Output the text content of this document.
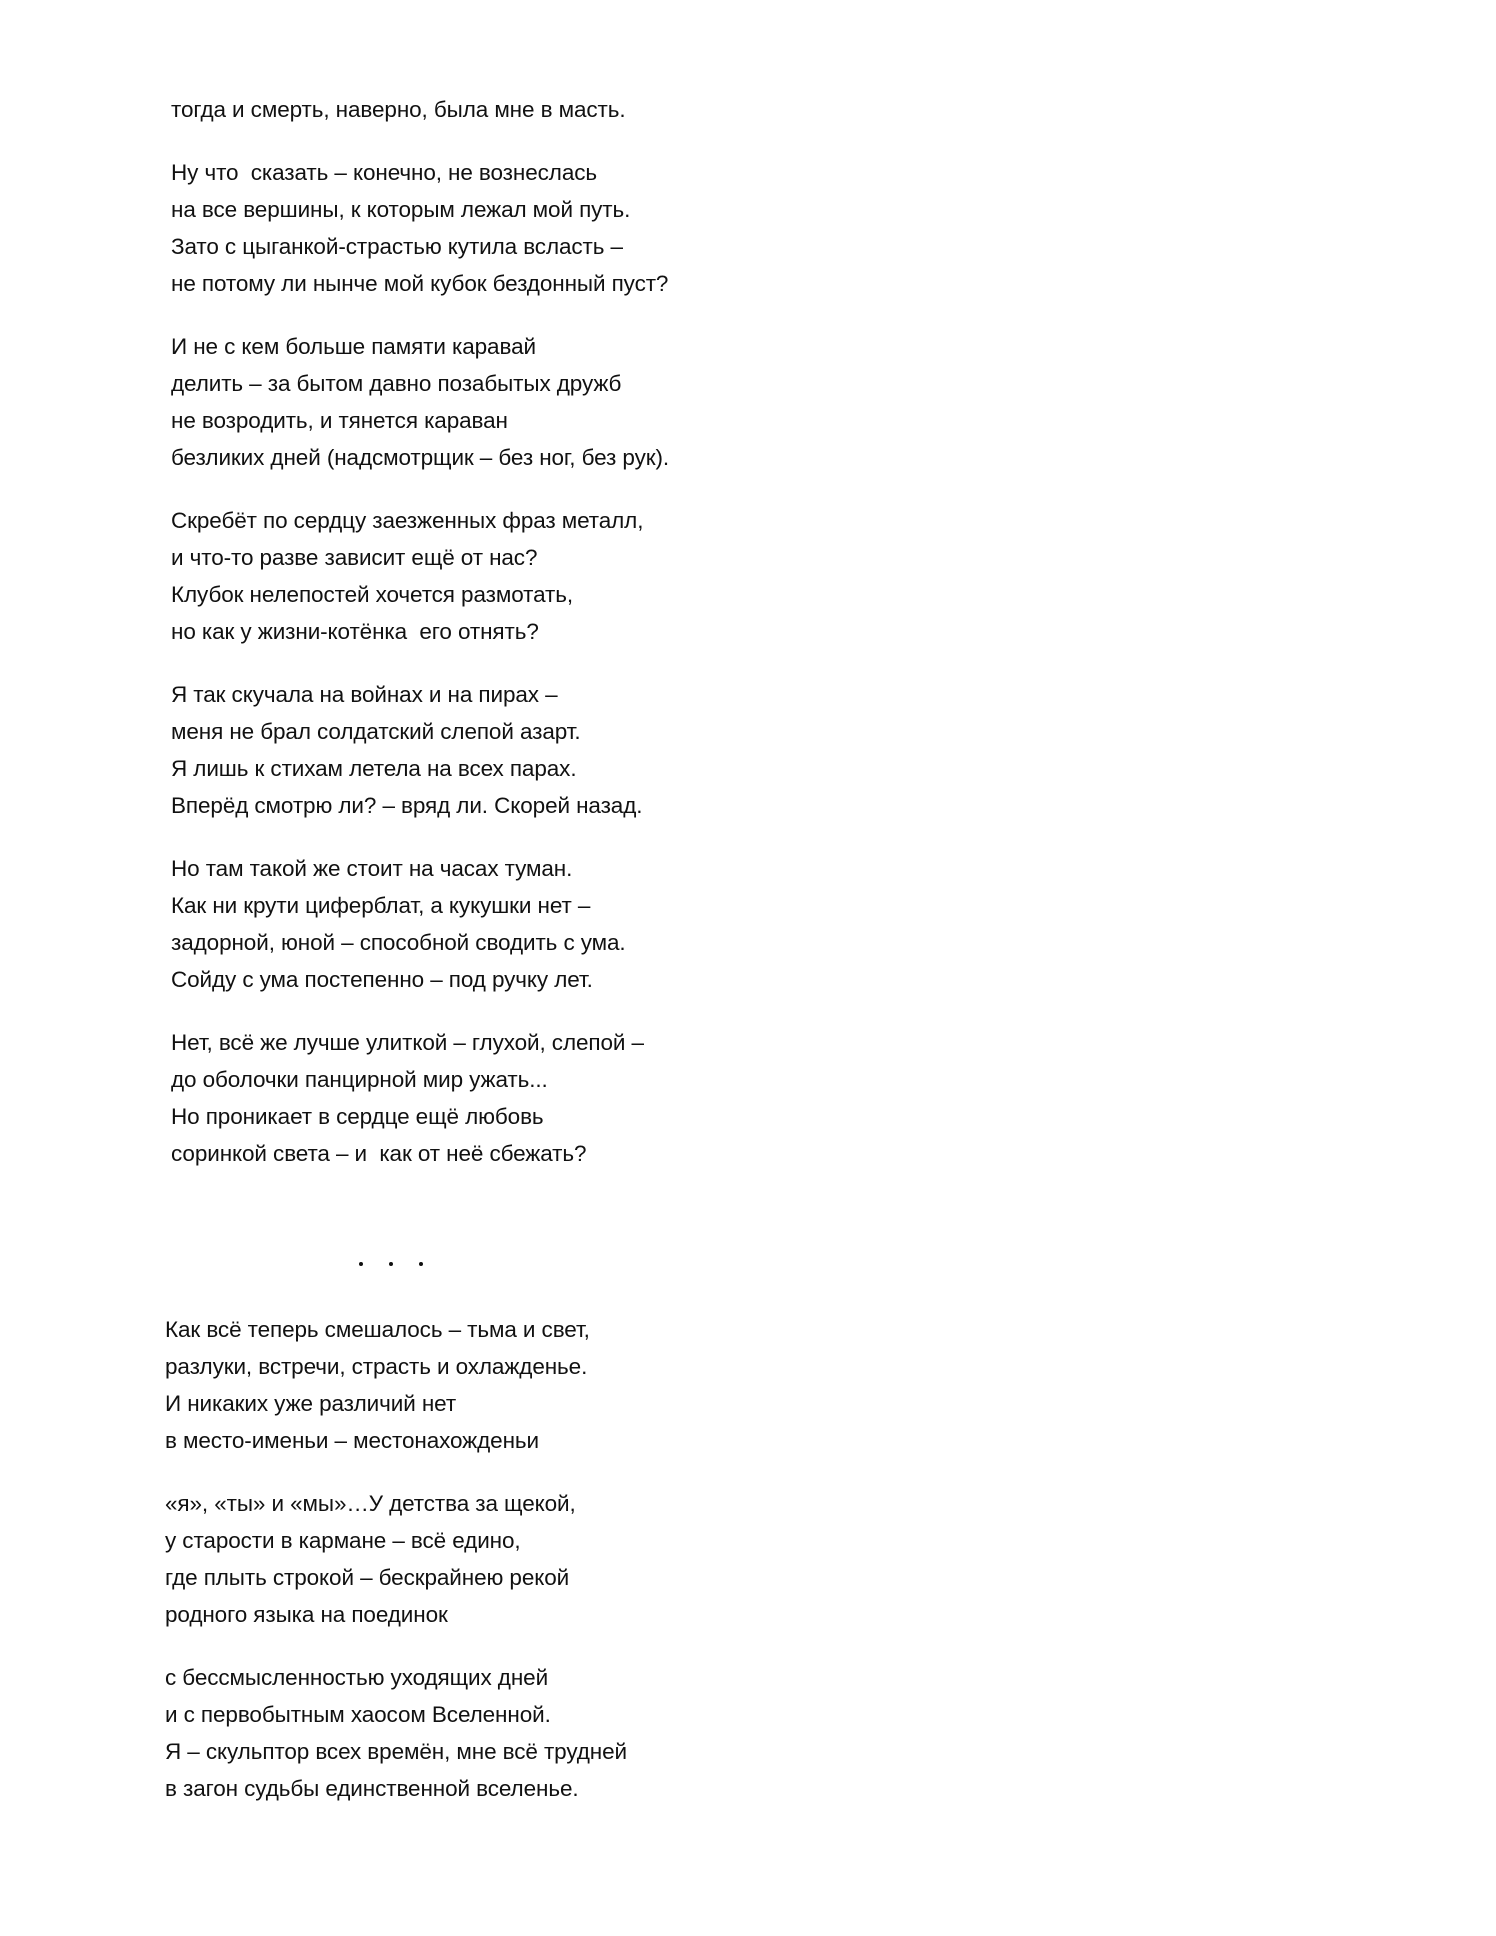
тогда и смерть, наверно, была мне в масть.
Ну что  сказать – конечно, не вознеслась
на все вершины, к которым лежал мой путь.
Зато с цыганкой-страстью кутила всласть –
не потому ли нынче мой кубок бездонный пуст?
И не с кем больше памяти каравай
делить – за бытом давно позабытых дружб
не возродить, и тянется караван
безликих дней (надсмотрщик – без ног, без рук).
Скребёт по сердцу заезженных фраз металл,
и что-то разве зависит ещё от нас?
Клубок нелепостей хочется размотать,
но как у жизни-котёнка  его отнять?
Я так скучала на войнах и на пирах –
меня не брал солдатский слепой азарт.
Я лишь к стихам летела на всех парах.
Вперёд смотрю ли? – вряд ли. Скорей назад.
Но там такой же стоит на часах туман.
Как ни крути циферблат, а кукушки нет –
задорной, юной – способной сводить с ума.
Сойду с ума постепенно – под ручку лет.
Нет, всё же лучше улиткой – глухой, слепой –
до оболочки панцирной мир ужать...
Но проникает в сердце ещё любовь
соринкой света – и  как от неё сбежать?
Как всё теперь смешалось – тьма и свет,
разлуки, встречи, страсть и охлажденье.
И никаких уже различий нет
в место-именьи – местонахожденьи
«я», «ты» и «мы»…У детства за щекой,
у старости в кармане – всё едино,
где плыть строкой – бескрайнею рекой
родного языка на поединок
с бессмысленностью уходящих дней
и с первобытным хаосом Вселенной.
Я – скульптор всех времён, мне всё трудней
в загон судьбы единственной вселенье.
